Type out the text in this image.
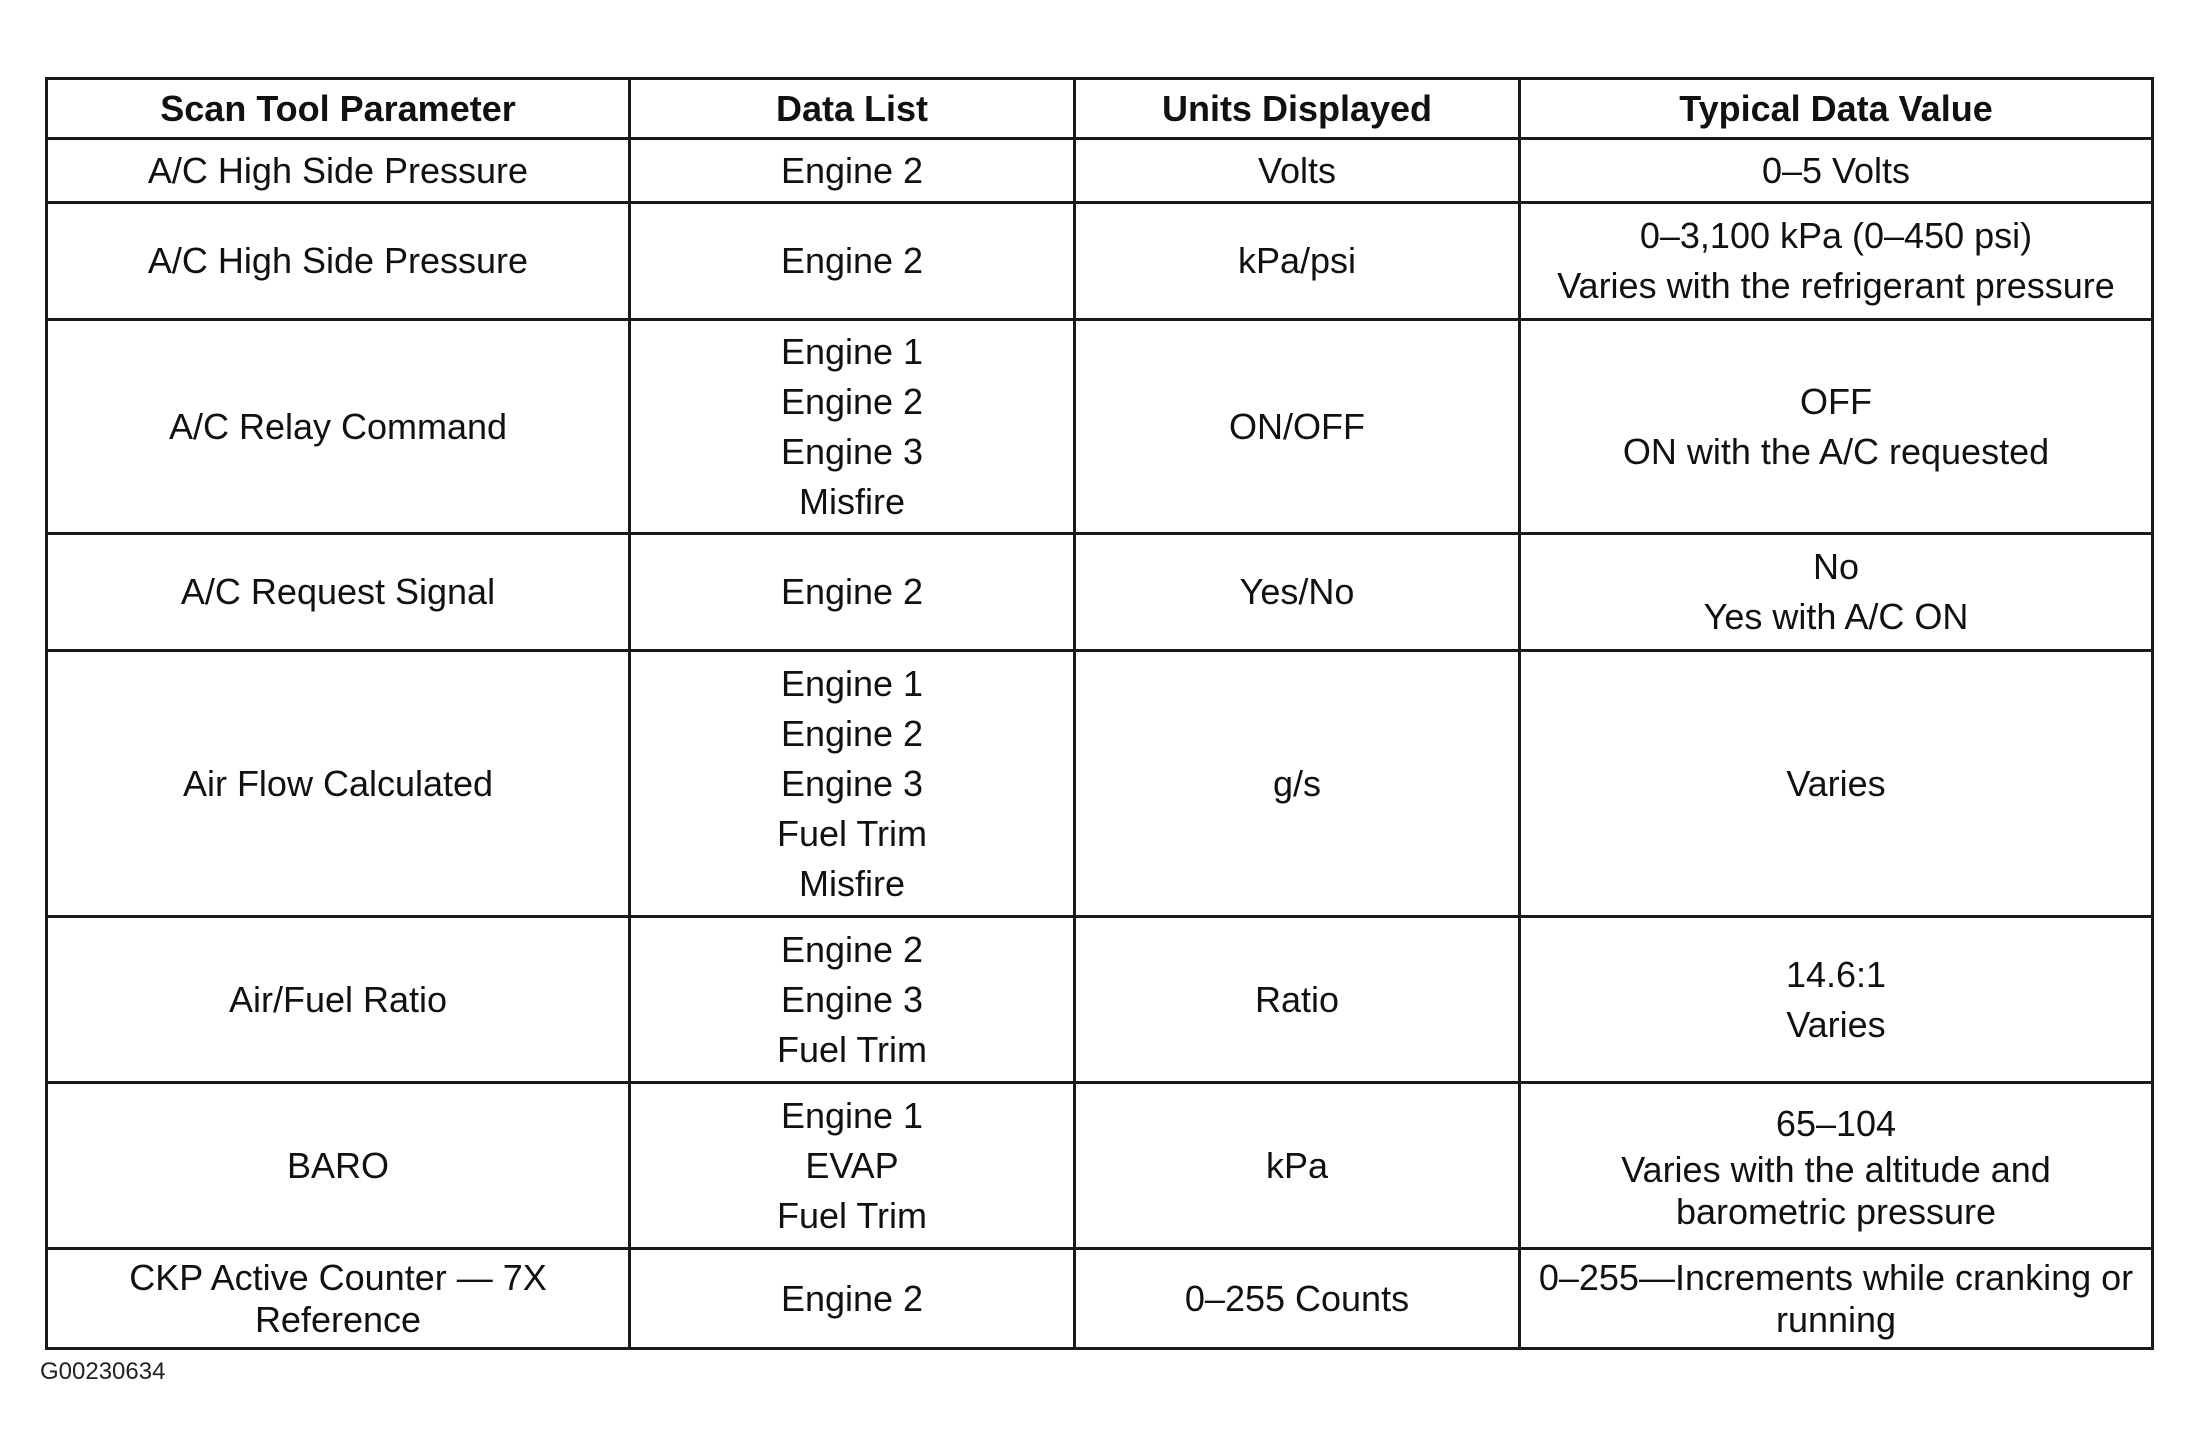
Scan Tool Parameter	Data List	Units Displayed	Typical Data Value

A/C High Side Pressure	Engine 2	Volts	0–5 Volts

A/C High Side Pressure	Engine 2	kPa/psi	0–3,100 kPa (0–450 psi)
Varies with the refrigerant pressure

A/C Relay Command	Engine 1
Engine 2
Engine 3
Misfire	ON/OFF	OFF
ON with the A/C requested

A/C Request Signal	Engine 2	Yes/No	No
Yes with A/C ON

Air Flow Calculated	Engine 1
Engine 2
Engine 3
Fuel Trim
Misfire	g/s	Varies

Air/Fuel Ratio	Engine 2
Engine 3
Fuel Trim	Ratio	14.6:1
Varies

BARO	Engine 1
EVAP
Fuel Trim	kPa	65–104
Varies with the altitude and barometric pressure

CKP Active Counter — 7X Reference	Engine 2	0–255 Counts	0–255—Increments while cranking or running
G00230634
